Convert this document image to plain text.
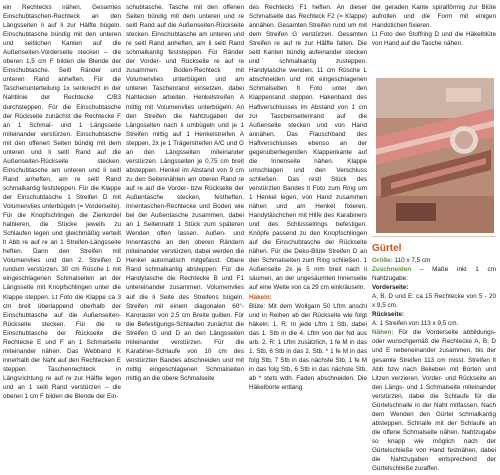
ein Rechtecks nähen. Gesamtes Einschubtaschen-Rechteck an den Längsseiten li auf li zur Hälfte bügeln. Einschubtasche bündig mit den unteren und seitlichen Kanten auf die Außenseiten-Vorderseite stecken – die oberen 1,5 cm F bilden die Blende der Einschubtasche. Seitl Ränder und unteren Rand anheften. Für die Taschenunterteilung 1x senkrecht in der Nahtlinie der Rechtecke C/B3 durchsteppen. Für die Einschubtasche der Rückseite zunächst die Rechtecke F an 1 Schmal- und 1 Längsseite miteinander verstürzen. Einschubtasche mit den offenen Seiten bündig mit dem unteren und li seitl Rand auf die Außenseiten-Rückseite stecken. Einschubtasche am unteren und li seitl Rand anheften, am re seitl Rand schmalkantig feststeppen. Für die Klappe der Einschubtasche 1 Streifen D mit Volumenvlies unterbügeln (= Vorderseite). Für die Knopfschlingen die Zierkordel halbieren, die Stücke jeweils zu Schlaufen legen und gleichmäßig verteilt lt Abb re auf re an 1 Streifen-Längsseite heften. Dann den Streifen mit Volumenvlies und den 2. Streifen D rundum verstürzen. 30 cm Rüsche L mit eingeschlagenen Schmalseiten an der Längsseite mit Knopfschlingen unter die Klappe steppen. Lt Foto die Klappe ca 3 cm breit überlappend oberhalb der Einschubtasche auf die Außenseiten-Rückseite stecken. Für die re Einschubtasche der Rückseite die Rechtecke E und F an 1 Schmalseite miteinander nähen. Das Webband K innerhalb der Naht auf den Rechtecken E steppen. Taschenrechteck in Längsrichtung re auf re zur Hälfte legen und an 1 seitl Rand verstürzen – die oberen 1 cm F bilden die Blende der Ein-

schubtasche. Tasche mit den offenen Seiten bündig mit dem unteren und re seitl Rand auf die Außenseiten-Rückseite stecken. Einschubtasche am unteren und re seitl Rand anheften, am li seitl Rand schmalkantig feststeppen. Für Ränder der Vorder- und Rückseite re auf re zusammen. Boden-Rechteck mit Volumenvlies unterbügeln und am unteren Taschenrand einsetzen, dabei Nahtecken arbeiten. Henkelstreifen A mittig mit Volumenvlies unterbügeln. An den Streifen die Nahtzugaben der Längsseiten nach li umbügeln und je 1 Streifen mittig auf 1 Henkelstreifen A steppen, 2x je 1 Trägerstreifen A/C und G an den Längsseiten miteinander verstürzen. Längsseiten je 0,75 cm breit absteppen. Henkel im Abstand von 9 cm zu den Seitennähten am oberen Rand re auf re auf die Vorder- bzw Rückseite der Außentasche stecken, festheften. Innentaschen-Rechtecke und Boden wie bei der Außentasche zusammen, dabei an 1 Seitennaht 1 Stück zum späteren Wenden offen lassen. Außen- und Innentasche an den oberen Rändern miteinander verstürzen, dabei werden die Henkel automatisch mitgefasst. Obere Rand schmalkantig absteppen. Für die Handytasche die Rechtecke B und F1 untereinander zusammen. Volumenvlies auf die li Seite des Streifens bügeln. Streifen mit einem diagonalen 60°-Karoraster von 2,5 cm Breite quilten. Für die Befestigungs-Schlaufen zunächst die Streifen G und D an den Längsseiten miteinander verstürzen. Für die Karabiner-Schlaufe von 10 cm des verstürzten Bandes abschneiden und mit mittig eingeschlagenen Schmalseiten mittig an die obere Schmalseite

des Rechtecks F1 heften. An dieser Schmalseite das Rechteck F2 (= Klappe) annähen. Gesamten Streifen rund um mit dem Streifen G verstürzen. Gesamten Streifen re auf re zur Hälfte falten. Die seitl Kanten bündig aufeinander stecken und schmalkantig zusteppen. Handytasche wenden. 11 cm Rüsche L abschneiden und mit eingeschlagenen Schmalseiten lt Foto unter den Klappenrand steppen. Hakenband des Haftverschlusses im Abstand von 1 cm zur Taschenseitenrand auf die Außenseite stecken und von Hand annähen. Das Flauschband des Haftverschlusses ebenso an der gegenüberliegenden Klappenkante auf die Innenseite nähen. Klappe umschlagen und den Verschluss schließen. Das restl Stück des verstürzten Bandes lt Foto zum Ring um 1 Henkel legen, von Hand zusammen nähen und am Henkel fixieren. Handytäschchen mit Hilfe des Karabiners und des Schlüsselrings befestigen. Knöpfe passend zu den Knopfschlingen auf die Einschubtasche der Rückseite nähen. Für die Deko-Blüte Streifen D an den Schmalseiten zum Ring schließen. 1 Außenseite 2x je 5 mm breit nach li säumen, an der ungesäumten Innenseite auf eine Weite von ca 29 cm einkräuseln.

Häkeln:

Blüte: Mit dem Wollgarn 50 Lftm anschl und in Reihen ab der Rückseite wie folgt häkeln: 1. R: In jede Lftm 1 Stb, dabei das 1. Stb in die 4. Lftm von der Nd aus arb. 2. R: 1 Lftm zusätzlich, 1 fe M in das 1. Stb, 6 Stb in das 2. Stb, * 1 fe M in das folg Stb, 7 Stb in das nächste Stb, 1 fe M in das folg Stb, 6 Stb in das nächste Stb, ab * stets wdh. Faden abschneiden. Die Häkelborte entlang

der geraden Kante spiralförmig zur Blüte aufrollen und die Form mit einigen Handstichen fixieren.

Lt Foto den Stoffring D und die Häkelblüte von Hand auf die Tasche nähen.

Gürtel

Größe: 110 x 7,5 cm

Zuschneiden – Maße inkl 1 cm Nahtzugabe:

Vorderseite:

A, B, D und E: ca 15 Rechtecke von 5 - 20 x 9,5 cm.

Rückseite:

A: 1 Streifen von 113 x 9,5 cm.

Nähen: Für die Vorderseite abbildungs- oder wunschgemäß die Rechtecke A, B, D und E nebeneinander zusammen, bis der gesamte Streifen 113 cm misst. Streifen lt Abb bzw nach Belieben mit Borten und Litzen verzieren. Vorder- und Rückseite an den Längs- und 1 Schmalseite miteinander verstürzen, dabei die Schlaufe für die Gürtelschnalle in der Naht mitfassen. Nach dem Wenden den Gürtel schmalkantig absteppen. Schnalle mit der Schlaufe an die offene Schmalseite nähen. Nahtzugabe so knapp wie möglich nach der Gürtelschließe von Hand festnähen, dabei die Nahtzugaben entsprechend der Gürtelschließe zuraffen.
